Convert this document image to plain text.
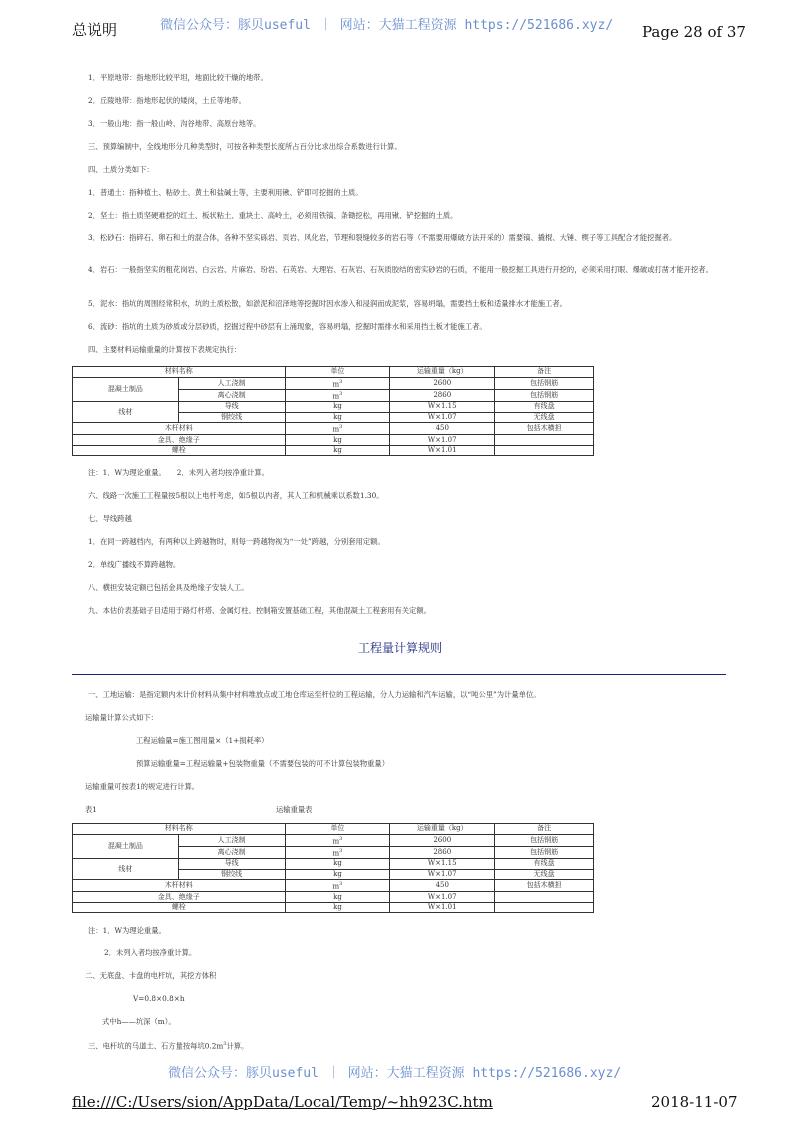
总说明	微信公众号：豚贝useful ｜ 网站：大猫工程资源 https://521686.xyz/ Page 28 of 37
1．平原地带：指地形比较平坦，地面比较干燥的地带。
2．丘陵地带：指地形起伏的矮岗，土丘等地带。
3．一般山地：指一般山岭、沟谷地带、高原台地等。
三、预算编制中，全线地形分几种类型时，可按各种类型长度所占百分比求出综合系数进行计算。
四、土质分类如下：
1．普通土：指种植土、粘砂土、黄土和盐碱土等，主要利用锹、铲即可挖掘的土质。
2．坚土：指土质坚硬难挖的红土、板状粘土、重块土、高岭土，必须用铁镐、条锄挖松，再用锹、铲挖掘的土质。
3．松砂石：指碎石、卵石和土的混合体，各种不坚实砾岩、页岩、风化岩，节理和裂缝较多的岩石等（不需要用爆破方法开采的）需要镐、撬棍、大锤、楔子等工具配合才能挖掘者。
4．岩石：一般指坚实的粗花岗岩、白云岩、片麻岩、玢岩、石英岩、大理岩、石灰岩、石灰质胶结的密实砂岩的石质，不能用一般挖掘工具进行开挖的，必须采用打眼、爆破或打凿才能开挖者。
5．泥水：指坑的周围经常积水，坑的土质松散，如淤泥和沼泽地等挖掘时因水渗入和浸润而成泥浆，容易坍塌，需要挡土板和适量排水才能施工者。
6．流砂：指坑的土质为砂质或分层砂质，挖掘过程中砂层有上涌现象，容易坍塌，挖掘时需排水和采用挡土板才能施工者。
四、主要材料运输重量的计算按下表规定执行：
材料名称		单位	运输重量（kg）	备注
混凝土制品	人工浇制	$m^3$	2600	包括钢筋
	离心浇制	$m^3$	2860	包括钢筋
线材	导线	kg	W×1.15	有线盘
	钢绞线	kg	W×1.07	无线盘
木杆材料		$m^3$	450	包括木横担
金具、绝缘子		kg	W×1.07	
螺栓		kg	W×1.01	
注：1．W为理论重量。　　2．未列入者均按净重计算。
六、线路一次施工工程量按5根以上电杆考虑，如5根以内者，其人工和机械乘以系数1.30。
七、导线跨越
1．在同一跨越档内，有两种以上跨越物时，则每一跨越物视为“一处”跨越，分别套用定额。
2．单线广播线不算跨越物。
八、横担安装定额已包括金具及绝缘子安装人工。
九、本估价表基础子目适用于路灯杆塔、金属灯柱、控制箱安置基础工程，其他混凝土工程套用有关定额。
工程量计算规则
一、工地运输：是指定额内未计价材料从集中材料堆放点或工地仓库运至杆位的工程运输，分人力运输和汽车运输，以“吨公里”为计量单位。
运输量计算公式如下：
工程运输量=施工图用量×（1+损耗率）
预算运输重量=工程运输量+包装物重量（不需要包装的可不计算包装物重量）
运输重量可按表1的规定进行计算。
表1	运输重量表
材料名称		单位	运输重量（kg）	备注
混凝土制品	人工浇制	$m^3$	2600	包括钢筋
	离心浇制	$m^3$	2860	包括钢筋
线材	导线	kg	W×1.15	有线盘
	钢绞线	kg	W×1.07	无线盘
木杆材料		$m^3$	450	包括木横担
金具、绝缘子		kg	W×1.07	
螺栓		kg	W×1.01	
注：1．W为理论重量。
2．未列入者均按净重计算。
二、无底盘、卡盘的电杆坑，其挖方体积
V=0.8×0.8×h
式中h——坑深（m）。
三、电杆坑的马道土、石方量按每坑$0.2m^3$计算。
微信公众号：豚贝useful ｜ 网站：大猫工程资源 https://521686.xyz/
file:///C:/Users/sion/AppData/Local/Temp/~hh923C.htm	2018-11-07
